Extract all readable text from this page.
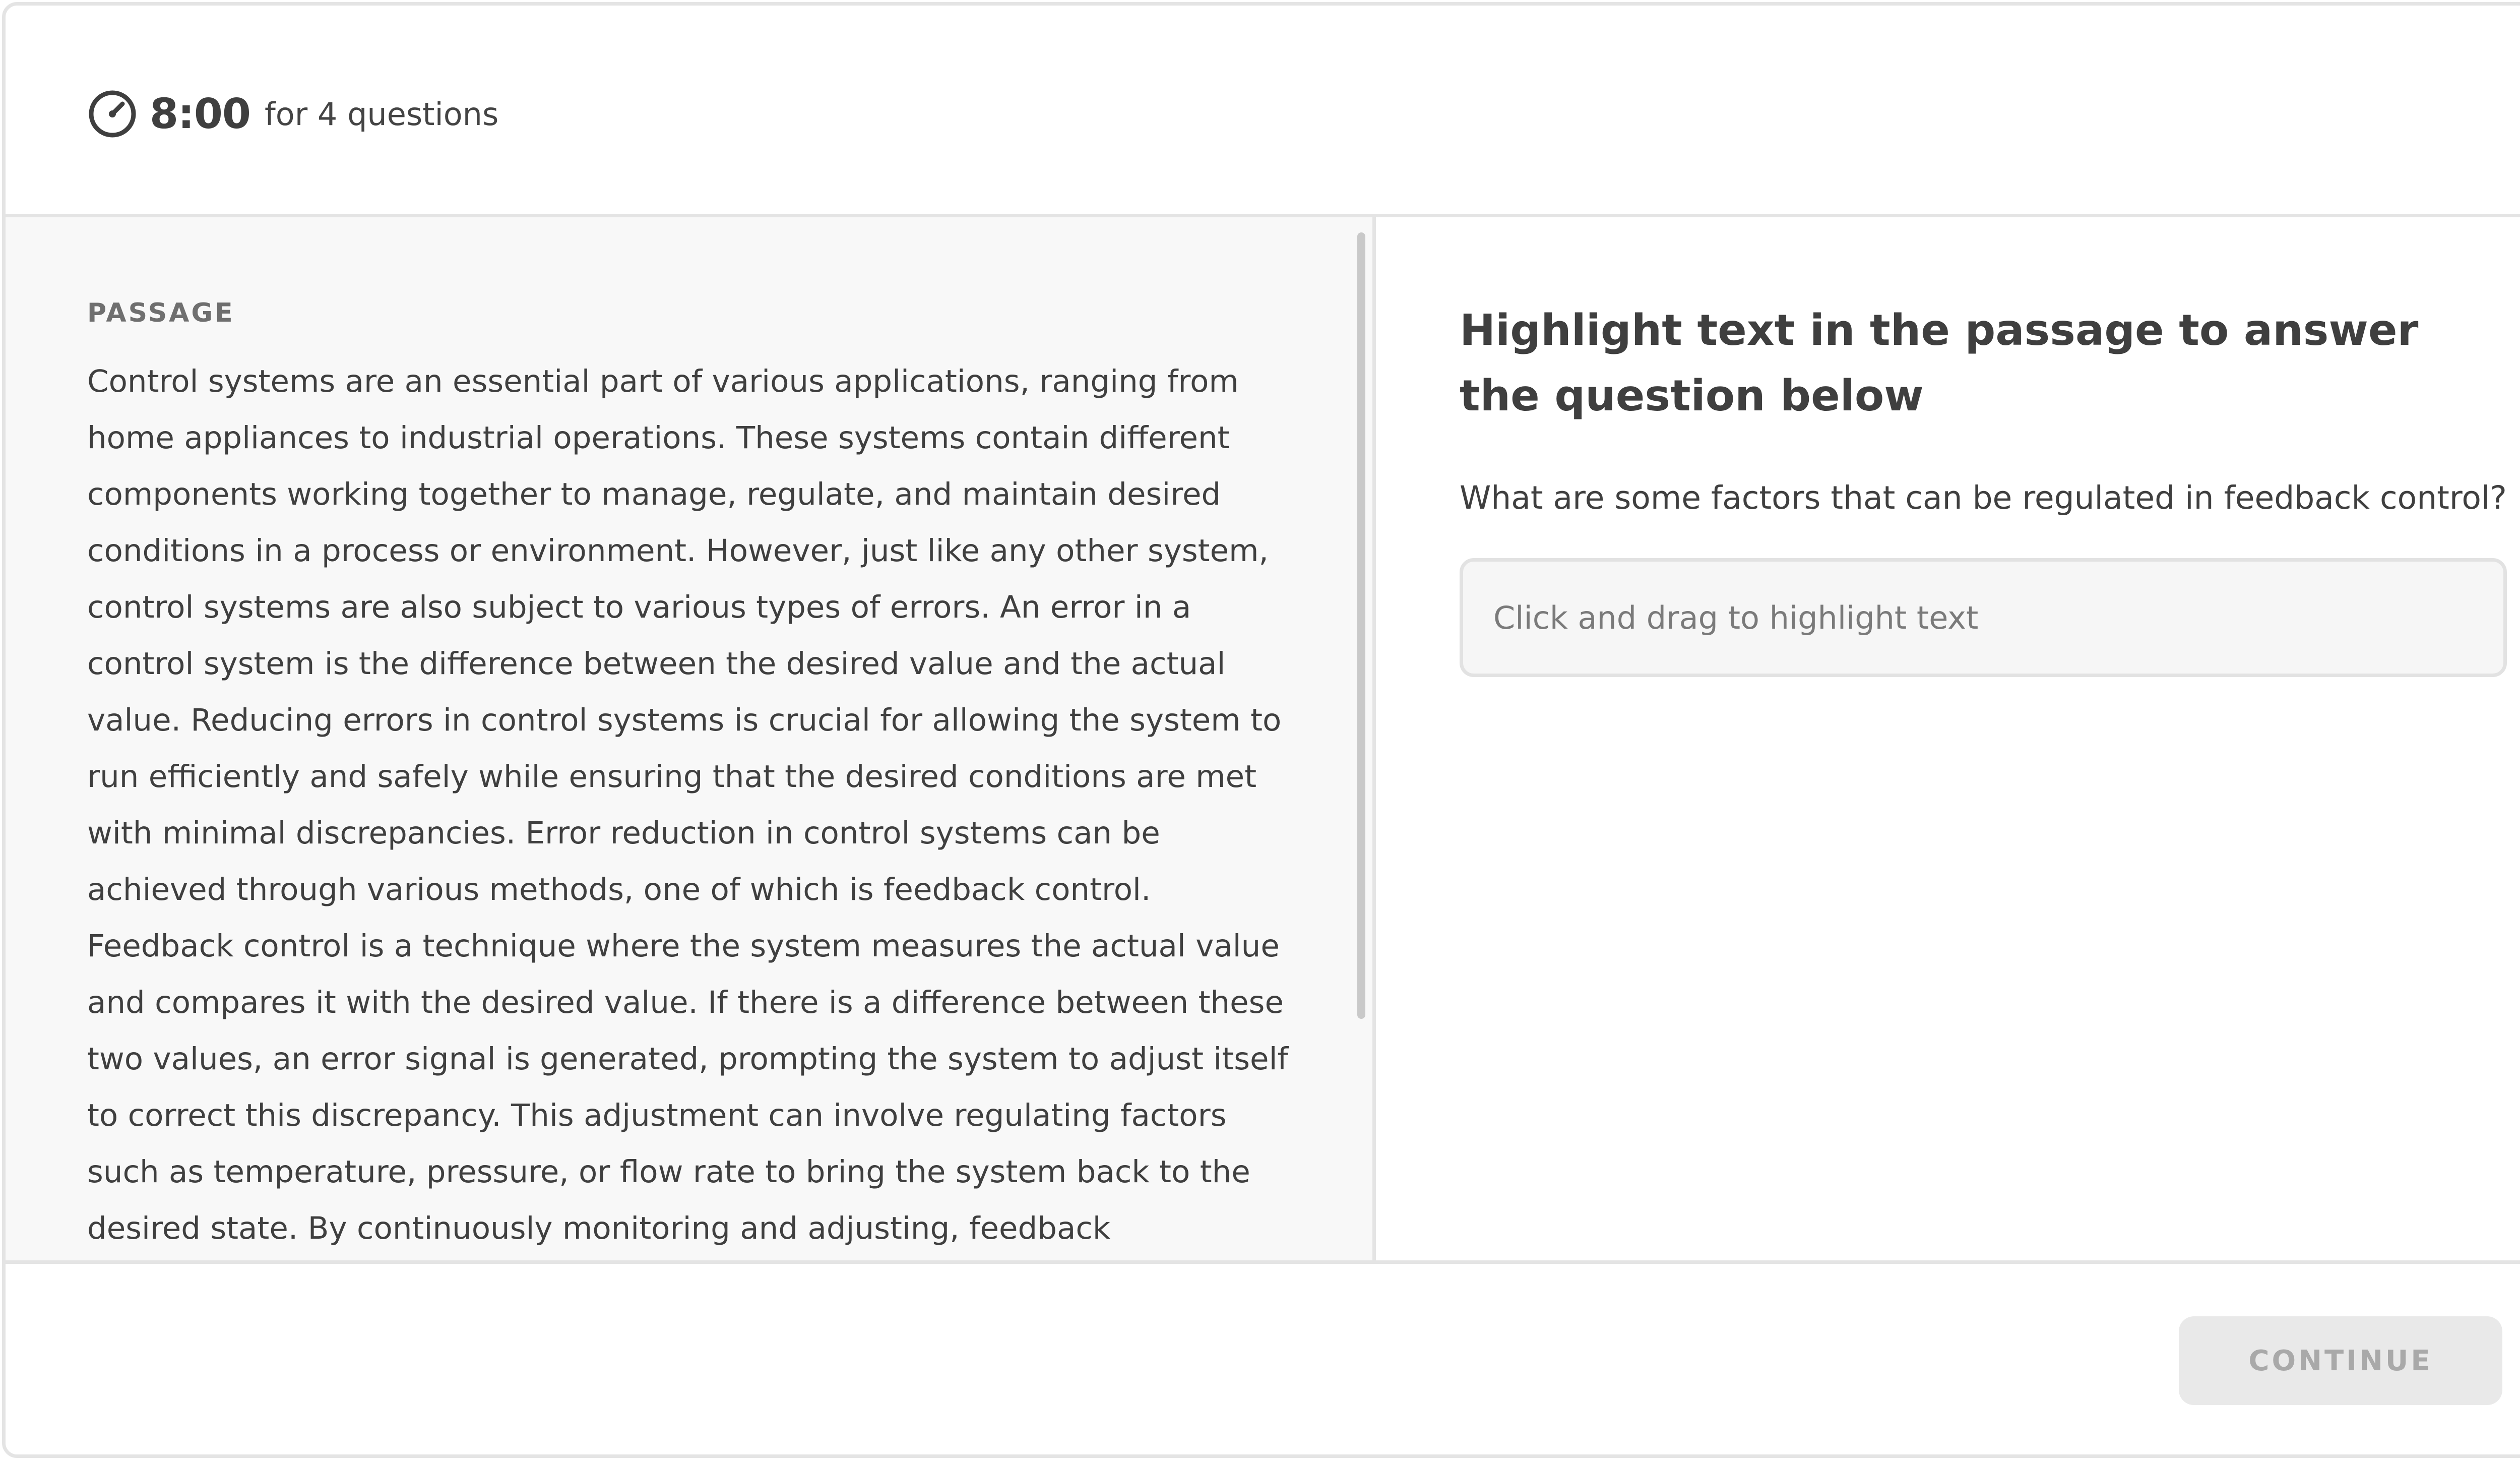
8:00 for 4 questions
PASSAGE

Control systems are an essential part of various applications, ranging from home appliances to industrial operations. These systems contain different components working together to manage, regulate, and maintain desired conditions in a process or environment. However, just like any other system, control systems are also subject to various types of errors. An error in a control system is the difference between the desired value and the actual value. Reducing errors in control systems is crucial for allowing the system to run efficiently and safely while ensuring that the desired conditions are met with minimal discrepancies. Error reduction in control systems can be achieved through various methods, one of which is feedback control. Feedback control is a technique where the system measures the actual value and compares it with the desired value. If there is a difference between these two values, an error signal is generated, prompting the system to adjust itself to correct this discrepancy. This adjustment can involve regulating factors such as temperature, pressure, or flow rate to bring the system back to the desired state. By continuously monitoring and adjusting, feedback

Highlight text in the passage to answer the question below
What are some factors that can be regulated in feedback control?
Click and drag to highlight text
CONTINUE
